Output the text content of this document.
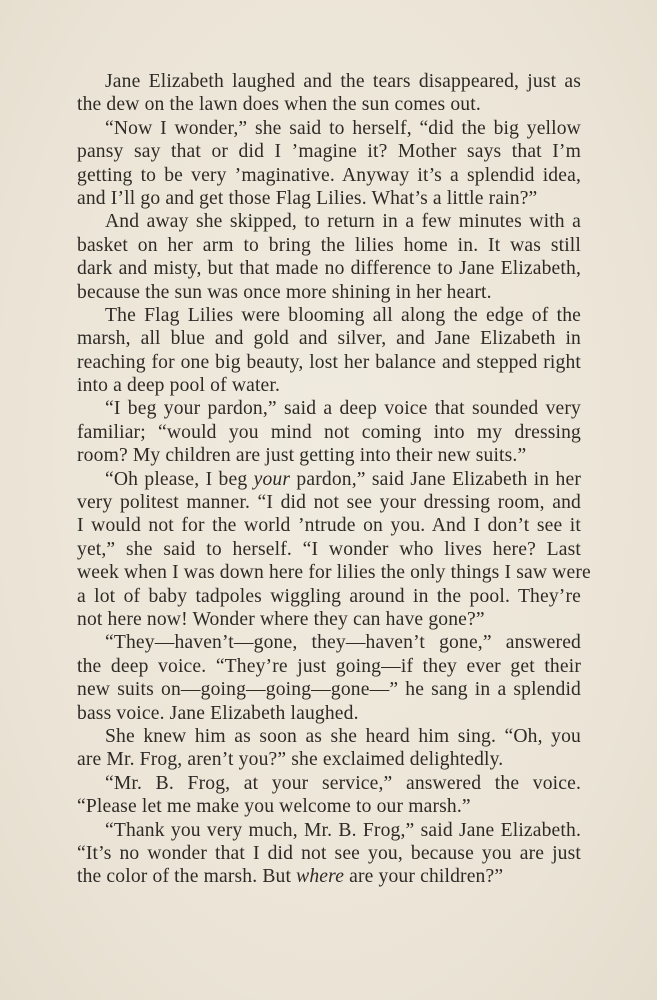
Jane Elizabeth laughed and the tears disappeared, just as
the dew on the lawn does when the sun comes out.
“Now I wonder,” she said to herself, “did the big yellow
pansy say that or did I ’magine it? Mother says that I’m
getting to be very ’maginative. Anyway it’s a splendid idea,
and I’ll go and get those Flag Lilies. What’s a little rain?”
And away she skipped, to return in a few minutes with a
basket on her arm to bring the lilies home in. It was still
dark and misty, but that made no difference to Jane Elizabeth,
because the sun was once more shining in her heart.
The Flag Lilies were blooming all along the edge of the
marsh, all blue and gold and silver, and Jane Elizabeth in
reaching for one big beauty, lost her balance and stepped right
into a deep pool of water.
“I beg your pardon,” said a deep voice that sounded very
familiar; “would you mind not coming into my dressing
room? My children are just getting into their new suits.”
“Oh please, I beg your pardon,” said Jane Elizabeth in her
very politest manner. “I did not see your dressing room, and
I would not for the world ’ntrude on you. And I don’t see it
yet,” she said to herself. “I wonder who lives here? Last
week when I was down here for lilies the only things I saw were
a lot of baby tadpoles wiggling around in the pool. They’re
not here now! Wonder where they can have gone?”
“They—haven’t—gone, they—haven’t gone,” answered
the deep voice. “They’re just going—if they ever get their
new suits on—going—going—gone—” he sang in a splendid
bass voice. Jane Elizabeth laughed.
She knew him as soon as she heard him sing. “Oh, you
are Mr. Frog, aren’t you?” she exclaimed delightedly.
“Mr. B. Frog, at your service,” answered the voice.
“Please let me make you welcome to our marsh.”
“Thank you very much, Mr. B. Frog,” said Jane Elizabeth.
“It’s no wonder that I did not see you, because you are just
the color of the marsh. But where are your children?”
